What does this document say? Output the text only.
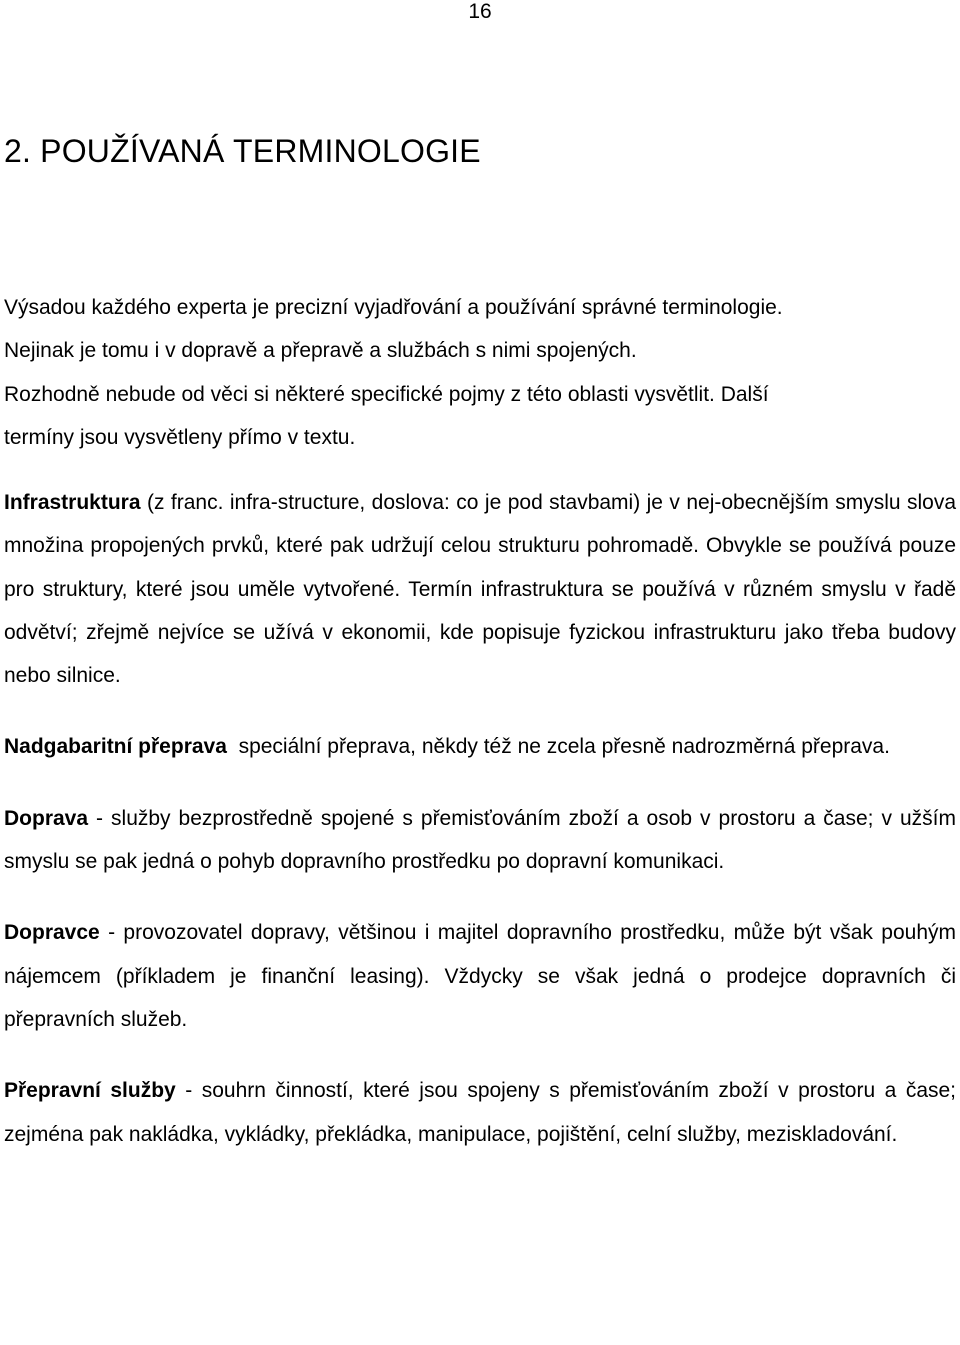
16
2. POUŽÍVANÁ TERMINOLOGIE

Výsadou každého experta je precizní vyjadřování a používání správné terminologie.

Nejinak je tomu i v dopravě a přepravě a službách s nimi spojených.

Rozhodně nebude od věci si některé specifické pojmy z této oblasti vysvětlit. Další

termíny jsou vysvětleny přímo v textu.

Infrastruktura (z franc. infra-structure, doslova: co je pod stavbami) je v nej-obecnějším smyslu slova množina propojených prvků, které pak udržují celou strukturu pohromadě. Obvykle se používá pouze pro struktury, které jsou uměle vytvořené. Termín infrastruktura se používá v různém smyslu v řadě odvětví; zřejmě nejvíce se užívá v ekonomii, kde popisuje fyzickou infrastrukturu jako třeba budovy nebo silnice.

Nadgabaritní přeprava  speciální přeprava, někdy též ne zcela přesně nadrozměrná přeprava.

Doprava - služby bezprostředně spojené s přemisťováním zboží a osob v prostoru a čase; v užším smyslu se pak jedná o pohyb dopravního prostředku po dopravní komunikaci.

Dopravce - provozovatel dopravy, většinou i majitel dopravního prostředku, může být však pouhým nájemcem (příkladem je finanční leasing). Vždycky se však jedná o prodejce dopravních či přepravních služeb.

Přepravní služby - souhrn činností, které jsou spojeny s přemisťováním zboží v prostoru a čase; zejména pak nakládka, vykládky, překládka, manipulace, pojištění, celní služby, meziskladování.
